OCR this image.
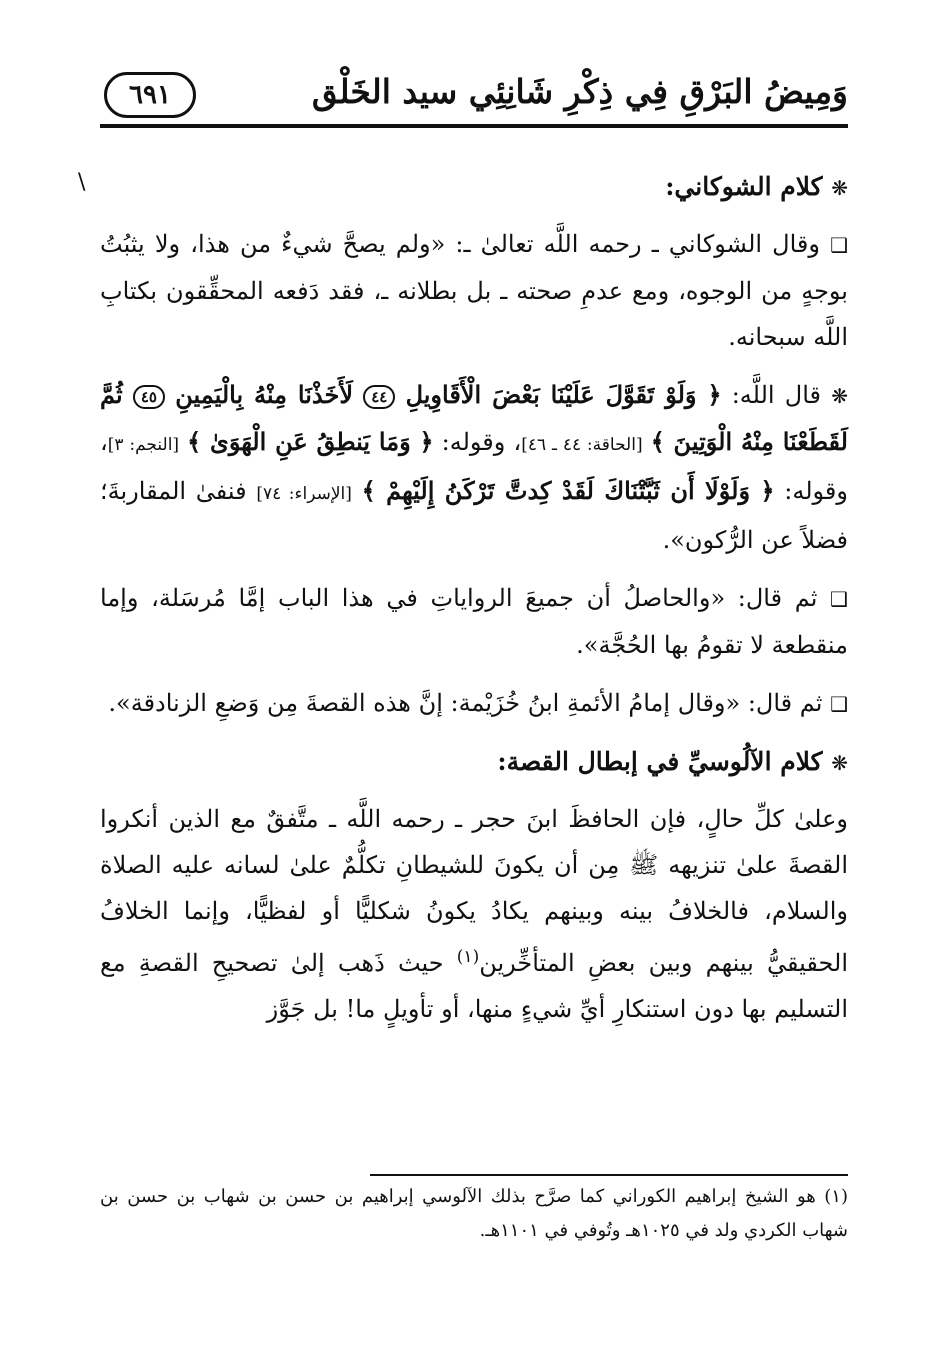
\
وَمِيضُ البَرْقِ فِي ذِكْرِ شَانِئِي سيد الخَلْق
٦٩١
❋ كلام الشوكاني:

❑ وقال الشوكاني ـ رحمه اللَّه تعالىٰ ـ: «ولم يصحَّ شيءٌ من هذا، ولا يثبُتُ بوجهٍ من الوجوه، ومع عدمِ صحته ـ بل بطلانه ـ، فقد دَفعه المحقِّقون بكتابِ اللَّه سبحانه.

❋ قال اللَّه: ﴿ وَلَوْ تَقَوَّلَ عَلَيْنَا بَعْضَ الْأَقَاوِيلِ ٤٤ لَأَخَذْنَا مِنْهُ بِالْيَمِينِ ٤٥ ثُمَّ لَقَطَعْنَا مِنْهُ الْوَتِينَ ﴾ [الحاقة: ٤٤ ـ ٤٦]، وقوله: ﴿ وَمَا يَنطِقُ عَنِ الْهَوَىٰ ﴾ [النجم: ٣]، وقوله: ﴿ وَلَوْلَا أَن ثَبَّتْنَاكَ لَقَدْ كِدتَّ تَرْكَنُ إِلَيْهِمْ ﴾ [الإسراء: ٧٤] فنفىٰ المقاربةَ؛ فضلاً عن الرُّكون».

❑ ثم قال: «والحاصلُ أن جميعَ الرواياتِ في هذا الباب إمَّا مُرسَلة، وإما منقطعة لا تقومُ بها الحُجَّة».

❑ ثم قال: «وقال إمامُ الأئمةِ ابنُ خُزَيْمة: إنَّ هذه القصةَ مِن وَضعِ الزنادقة».

❋ كلام الآلُوسيِّ في إبطال القصة:

وعلىٰ كلِّ حالٍ، فإن الحافظَ ابنَ حجر ـ رحمه اللَّه ـ متَّفقٌ مع الذين أنكروا القصةَ علىٰ تنزيهه ﷺ مِن أن يكونَ للشيطانِ تكلُّمٌ علىٰ لسانه عليه الصلاة والسلام، فالخلافُ بينه وبينهم يكادُ يكونُ شكليًّا أو لفظيًّا، وإنما الخلافُ الحقيقيُّ بينهم وبين بعضِ المتأخِّرين$^{(١)}$ حيث ذَهب إلىٰ تصحيحِ القصةِ مع التسليم بها دون استنكارِ أيِّ شيءٍ منها، أو تأويلٍ ما! بل جَوَّز

(١) هو الشيخ إبراهيم الكوراني كما صرَّح بذلك الآلوسي إبراهيم بن حسن بن شهاب بن حسن بن شهاب الكردي ولد في ١٠٢٥هـ وتُوفي في ١١٠١هـ.
